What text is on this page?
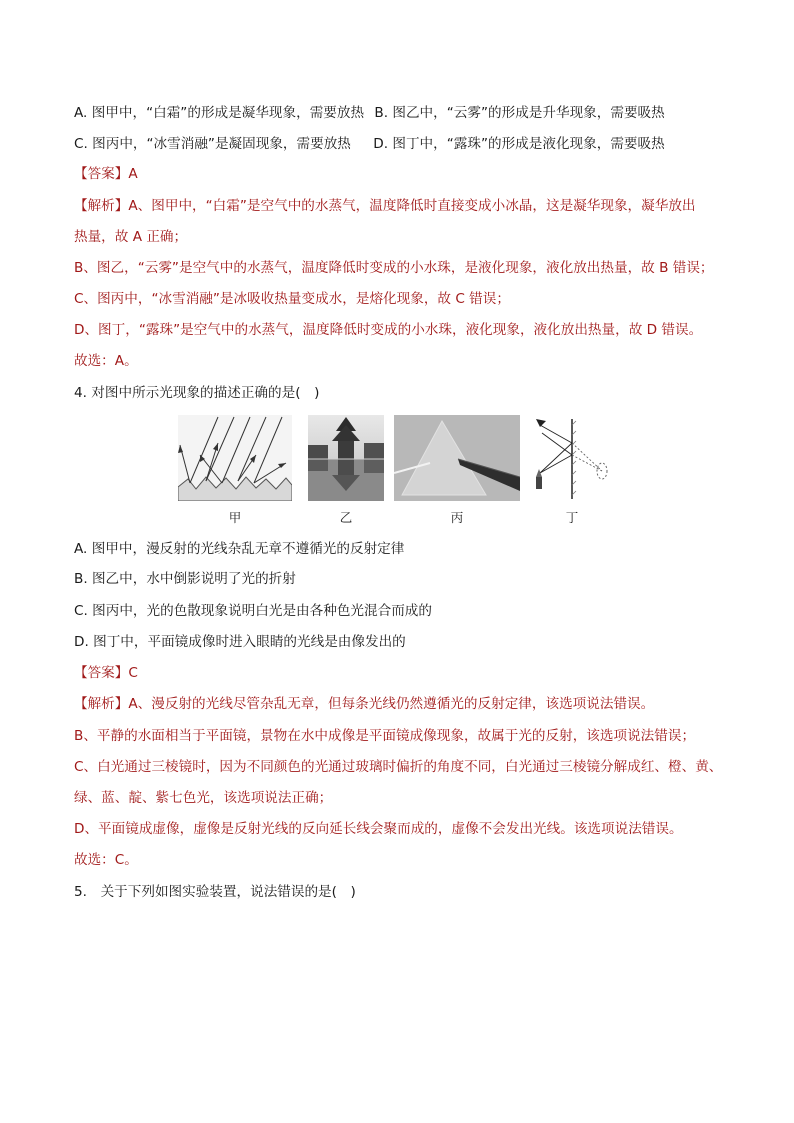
A. 图甲中，“白霜”的形成是凝华现象，需要放热 B. 图乙中，“云雾”的形成是升华现象，需要吸热
C. 图丙中，“冰雪消融”是凝固现象，需要放热 D. 图丁中，“露珠”的形成是液化现象，需要吸热
【答案】A
【解析】A、图甲中，“白霜”是空气中的水蒸气，温度降低时直接变成小冰晶，这是凝华现象，凝华放出
热量，故 A 正确；
B、图乙，“云雾”是空气中的水蒸气，温度降低时变成的小水珠，是液化现象，液化放出热量，故 B 错误；
C、图丙中，“冰雪消融”是冰吸收热量变成水，是熔化现象，故 C 错误；
D、图丁，“露珠”是空气中的水蒸气，温度降低时变成的小水珠，液化现象，液化放出热量，故 D 错误。
故选：A。
4. 对图中所示光现象的描述正确的是(　)
甲	乙	丙	丁
A. 图甲中，漫反射的光线杂乱无章不遵循光的反射定律
B. 图乙中，水中倒影说明了光的折射
C. 图丙中，光的色散现象说明白光是由各种色光混合而成的
D. 图丁中，平面镜成像时进入眼睛的光线是由像发出的
【答案】C
【解析】A、漫反射的光线尽管杂乱无章，但每条光线仍然遵循光的反射定律，该选项说法错误。
B、平静的水面相当于平面镜，景物在水中成像是平面镜成像现象，故属于光的反射，该选项说法错误；
C、白光通过三棱镜时，因为不同颜色的光通过玻璃时偏折的角度不同，白光通过三棱镜分解成红、橙、黄、
绿、蓝、靛、紫七色光，该选项说法正确；
D、平面镜成虚像，虚像是反射光线的反向延长线会聚而成的，虚像不会发出光线。该选项说法错误。
故选：C。
5.　关于下列如图实验装置，说法错误的是(　)
